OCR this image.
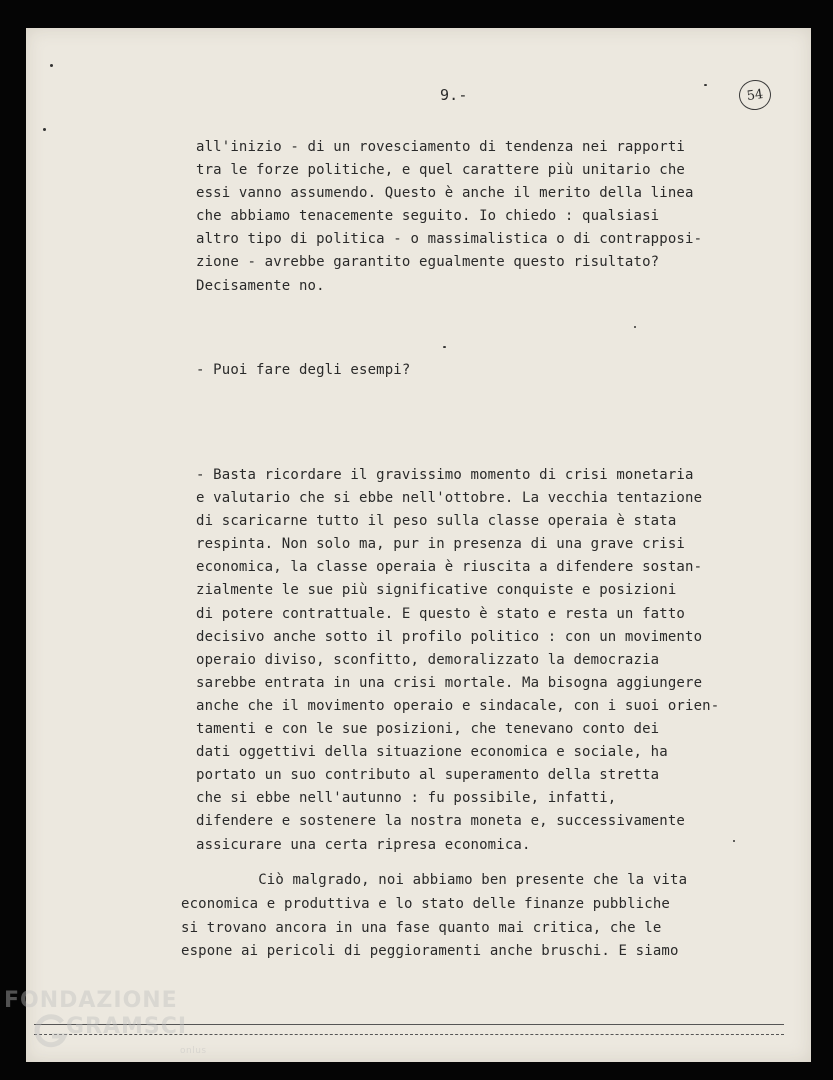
9.-	54

all'inizio - di un rovesciamento di tendenza nei rapporti
tra le forze politiche, e quel carattere più unitario che
essi vanno assumendo. Questo è anche il merito della linea
che abbiamo tenacemente seguito. Io chiedo : qualsiasi
altro tipo di politica - o massimalistica o di contrapposi-
zione - avrebbe garantito egualmente questo risultato?
Decisamente no.

- Puoi fare degli esempi?

- Basta ricordare il gravissimo momento di crisi monetaria
e valutario che si ebbe nell'ottobre. La vecchia tentazione
di scaricarne tutto il peso sulla classe operaia è stata
respinta. Non solo ma, pur in presenza di una grave crisi
economica, la classe operaia è riuscita a difendere sostan-
zialmente le sue più significative conquiste e posizioni
di potere contrattuale. E questo è stato e resta un fatto
decisivo anche sotto il profilo politico : con un movimento
operaio diviso, sconfitto, demoralizzato la democrazia
sarebbe entrata in una crisi mortale. Ma bisogna aggiungere
anche che il movimento operaio e sindacale, con i suoi orien-
tamenti e con le sue posizioni, che tenevano conto dei
dati oggettivi della situazione economica e sociale, ha
portato un suo contributo al superamento della stretta
che si ebbe nell'autunno : fu possibile, infatti,
difendere e sostenere la nostra moneta e, successivamente
assicurare una certa ripresa economica.

Ciò malgrado, noi abbiamo ben presente che la vita
economica e produttiva e lo stato delle finanze pubbliche
si trovano ancora in una fase quanto mai critica, che le
espone ai pericoli di peggioramenti anche bruschi. E siamo

FONDAZIONE
GRAMSCI
onlus
